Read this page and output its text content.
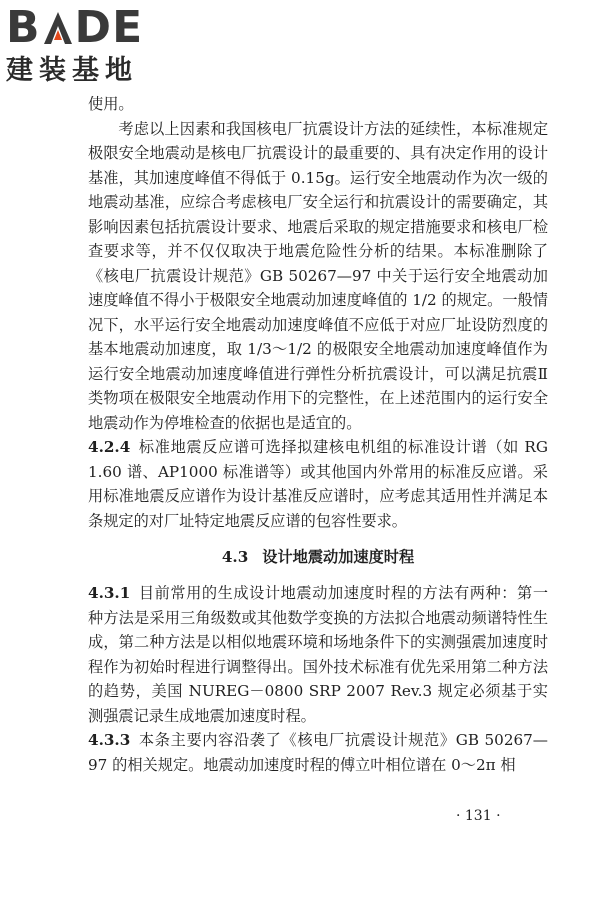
B DE
建装基地

使用。

考虑以上因素和我国核电厂抗震设计方法的延续性，本标准规定极限安全地震动是核电厂抗震设计的最重要的、具有决定作用的设计基准，其加速度峰值不得低于 0.15g。运行安全地震动作为次一级的地震动基准，应综合考虑核电厂安全运行和抗震设计的需要确定，其影响因素包括抗震设计要求、地震后采取的规定措施要求和核电厂检查要求等，并不仅仅取决于地震危险性分析的结果。本标准删除了《核电厂抗震设计规范》GB 50267—97 中关于运行安全地震动加速度峰值不得小于极限安全地震动加速度峰值的 1/2 的规定。一般情况下，水平运行安全地震动加速度峰值不应低于对应厂址设防烈度的基本地震动加速度，取 1/3～1/2 的极限安全地震动加速度峰值作为运行安全地震动加速度峰值进行弹性分析抗震设计，可以满足抗震Ⅱ类物项在极限安全地震动作用下的完整性，在上述范围内的运行安全地震动作为停堆检查的依据也是适宜的。

4.2.4 标准地震反应谱可选择拟建核电机组的标准设计谱（如 RG 1.60 谱、AP1000 标准谱等）或其他国内外常用的标准反应谱。采用标准地震反应谱作为设计基准反应谱时，应考虑其适用性并满足本条规定的对厂址特定地震反应谱的包容性要求。

4.3 设计地震动加速度时程

4.3.1 目前常用的生成设计地震动加速度时程的方法有两种：第一种方法是采用三角级数或其他数学变换的方法拟合地震动频谱特性生成，第二种方法是以相似地震环境和场地条件下的实测强震加速度时程作为初始时程进行调整得出。国外技术标准有优先采用第二种方法的趋势，美国 NUREG－0800 SRP 2007 Rev.3 规定必须基于实测强震记录生成地震加速度时程。

4.3.3 本条主要内容沿袭了《核电厂抗震设计规范》GB 50267—97 的相关规定。地震动加速度时程的傅立叶相位谱在 0～2π 相

· 131 ·
